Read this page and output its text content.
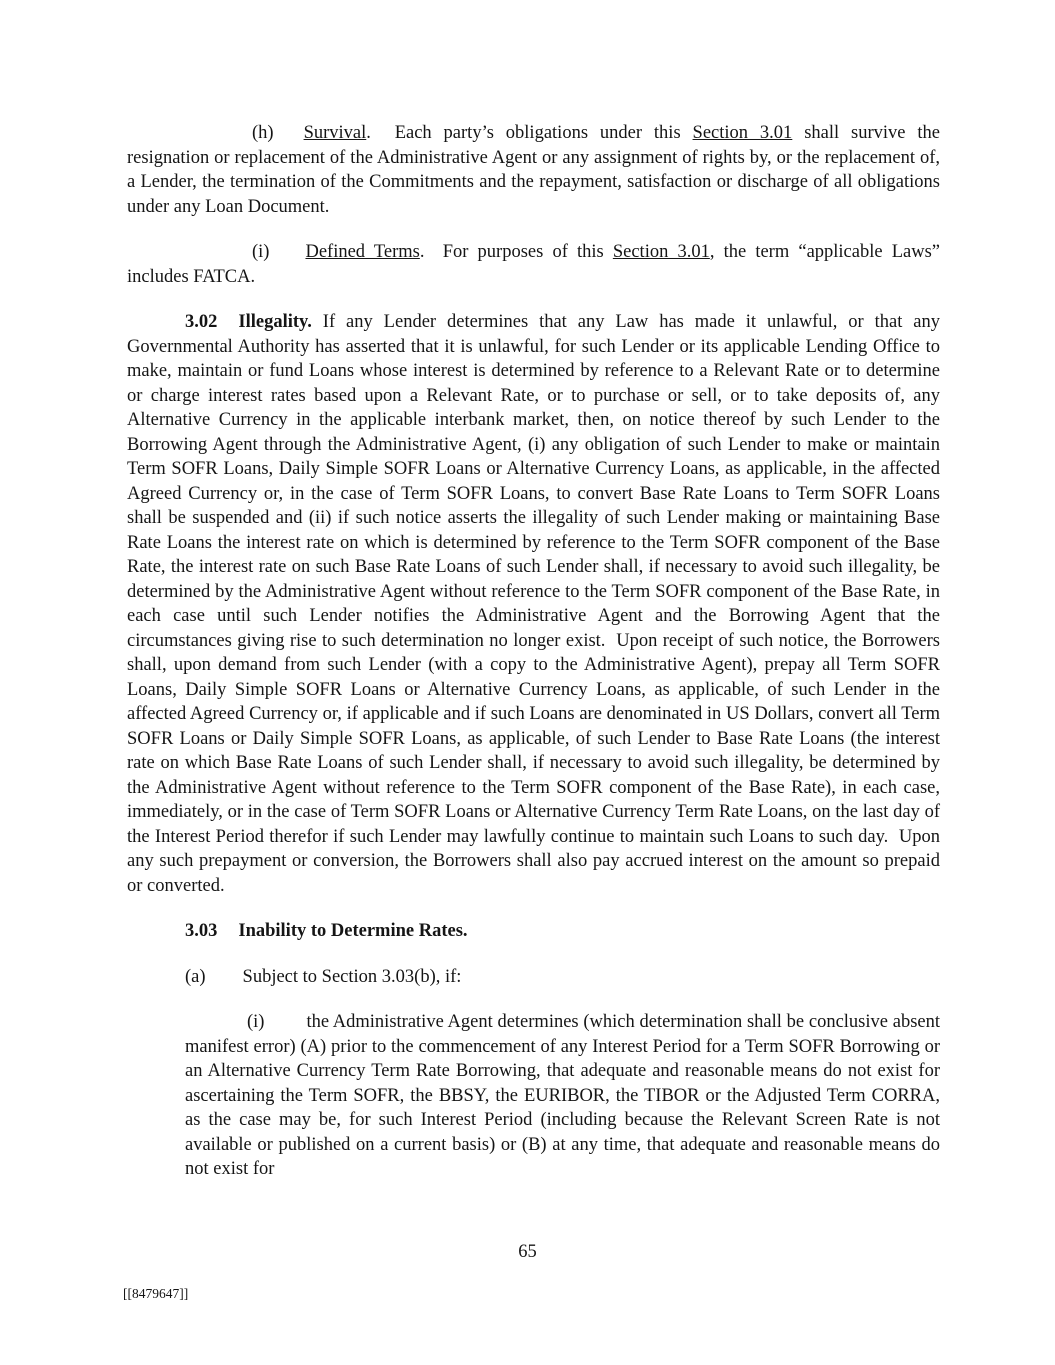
(h) Survival.  Each party’s obligations under this Section 3.01 shall survive the resignation or replacement of the Administrative Agent or any assignment of rights by, or the replacement of, a Lender, the termination of the Commitments and the repayment, satisfaction or discharge of all obligations under any Loan Document.

(i) Defined Terms.  For purposes of this Section 3.01, the term “applicable Laws” includes FATCA.

3.02 Illegality. If any Lender determines that any Law has made it unlawful, or that any Governmental Authority has asserted that it is unlawful, for such Lender or its applicable Lending Office to make, maintain or fund Loans whose interest is determined by reference to a Relevant Rate or to determine or charge interest rates based upon a Relevant Rate, or to purchase or sell, or to take deposits of, any Alternative Currency in the applicable interbank market, then, on notice thereof by such Lender to the Borrowing Agent through the Administrative Agent, (i) any obligation of such Lender to make or maintain Term SOFR Loans, Daily Simple SOFR Loans or Alternative Currency Loans, as applicable, in the affected Agreed Currency or, in the case of Term SOFR Loans, to convert Base Rate Loans to Term SOFR Loans shall be suspended and (ii) if such notice asserts the illegality of such Lender making or maintaining Base Rate Loans the interest rate on which is determined by reference to the Term SOFR component of the Base Rate, the interest rate on such Base Rate Loans of such Lender shall, if necessary to avoid such illegality, be determined by the Administrative Agent without reference to the Term SOFR component of the Base Rate, in each case until such Lender notifies the Administrative Agent and the Borrowing Agent that the circumstances giving rise to such determination no longer exist.  Upon receipt of such notice, the Borrowers shall, upon demand from such Lender (with a copy to the Administrative Agent), prepay all Term SOFR Loans, Daily Simple SOFR Loans or Alternative Currency Loans, as applicable, of such Lender in the affected Agreed Currency or, if applicable and if such Loans are denominated in US Dollars, convert all Term SOFR Loans or Daily Simple SOFR Loans, as applicable, of such Lender to Base Rate Loans (the interest rate on which Base Rate Loans of such Lender shall, if necessary to avoid such illegality, be determined by the Administrative Agent without reference to the Term SOFR component of the Base Rate), in each case, immediately, or in the case of Term SOFR Loans or Alternative Currency Term Rate Loans, on the last day of the Interest Period therefor if such Lender may lawfully continue to maintain such Loans to such day.  Upon any such prepayment or conversion, the Borrowers shall also pay accrued interest on the amount so prepaid or converted.

3.03 Inability to Determine Rates.

(a) Subject to Section 3.03(b), if:

(i) the Administrative Agent determines (which determination shall be conclusive absent manifest error) (A) prior to the commencement of any Interest Period for a Term SOFR Borrowing or an Alternative Currency Term Rate Borrowing, that adequate and reasonable means do not exist for ascertaining the Term SOFR, the BBSY, the EURIBOR, the TIBOR or the Adjusted Term CORRA, as the case may be, for such Interest Period (including because the Relevant Screen Rate is not available or published on a current basis) or (B) at any time, that adequate and reasonable means do not exist for

65
[[8479647]]
